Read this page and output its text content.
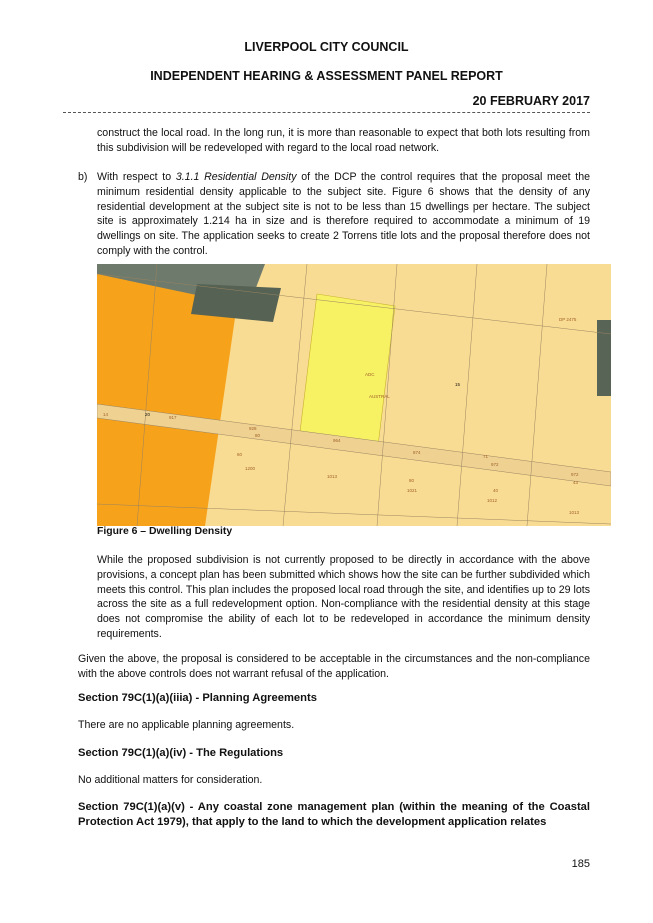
LIVERPOOL CITY COUNCIL
INDEPENDENT HEARING & ASSESSMENT PANEL REPORT
20 FEBRUARY 2017
construct the local road. In the long run, it is more than reasonable to expect that both lots resulting from this subdivision will be redeveloped with regard to the local road network.
b) With respect to 3.1.1 Residential Density of the DCP the control requires that the proposal meet the minimum residential density applicable to the subject site. Figure 6 shows that the density of any residential development at the subject site is not to be less than 15 dwellings per hectare. The subject site is approximately 1.214 ha in size and is therefore required to accommodate a minimum of 19 dwellings on site. The application seeks to create 2 Torrens title lots and the proposal therefore does not comply with the control.
DP 2475
20
917
14
928
80
ADC
AUSTRAL
15
60
1200
964
71
972
874
43
972
1013
1021
1012
1013
80
40
Figure 6 – Dwelling Density
While the proposed subdivision is not currently proposed to be directly in accordance with the above provisions, a concept plan has been submitted which shows how the site can be further subdivided which meets this control. This plan includes the proposed local road through the site, and identifies up to 29 lots across the site as a full redevelopment option. Non-compliance with the residential density at this stage does not compromise the ability of each lot to be redeveloped in accordance the minimum density requirements.
Given the above, the proposal is considered to be acceptable in the circumstances and the non-compliance with the above controls does not warrant refusal of the application.
Section 79C(1)(a)(iiia) - Planning Agreements
There are no applicable planning agreements.
Section 79C(1)(a)(iv) - The Regulations
No additional matters for consideration.
Section 79C(1)(a)(v) - Any coastal zone management plan (within the meaning of the Coastal Protection Act 1979), that apply to the land to which the development application relates
185
